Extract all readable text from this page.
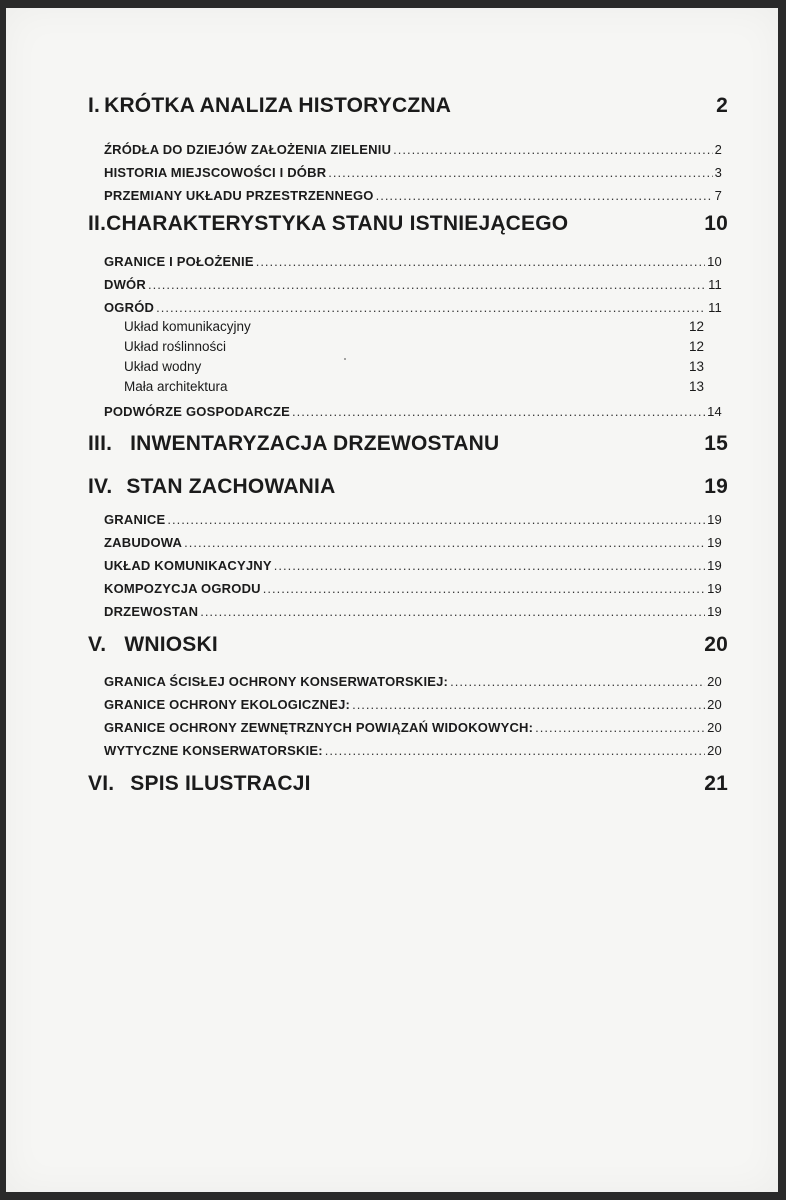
I. KRÓTKA ANALIZA HISTORYCZNA	2
ŹRÓDŁA DO DZIEJÓW ZAŁOŻENIA ZIELENIU .....	2
HISTORIA MIEJSCOWOŚCI I DÓBR .....	3
PRZEMIANY UKŁADU PRZESTRZENNEGO .....	7
II. CHARAKTERYSTYKA STANU ISTNIEJĄCEGO	10
GRANICE I POŁOŻENIE .....	10
DWÓR .....	11
OGRÓD .....	11
Układ komunikacyjny	12
Układ roślinności	12
Układ wodny	13
Mała architektura	13
PODWÓRZE GOSPODARCZE .....	14
III. INWENTARYZACJA DRZEWOSTANU	15
IV. STAN ZACHOWANIA	19
GRANICE .....	19
ZABUDOWA .....	19
UKŁAD KOMUNIKACYJNY .....	19
KOMPOZYCJA OGRODU .....	19
DRZEWOSTAN .....	19
V. WNIOSKI	20
GRANICA ŚCISŁEJ OCHRONY KONSERWATORSKIEJ: .....	20
GRANICE OCHRONY EKOLOGICZNEJ: .....	20
GRANICE OCHRONY ZEWNĘTRZNYCH POWIĄZAŃ WIDOKOWYCH: .....	20
WYTYCZNE KONSERWATORSKIE: .....	20
VI. SPIS ILUSTRACJI	21
